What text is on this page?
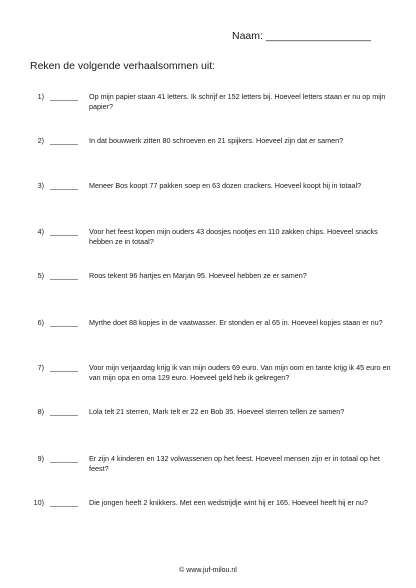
Naam: __________________
Reken de volgende verhaalsommen uit:
1) _______ Op mijn papier staan 41 letters. Ik schrijf er 152 letters bij. Hoeveel letters staan er nu op mijn papier?
2) _______ In dat bouwwerk zitten 80 schroeven en 21 spijkers. Hoeveel zijn dat er samen?
3) _______ Meneer Bos koopt 77 pakken soep en 63 dozen crackers. Hoeveel koopt hij in totaal?
4) _______ Voor het feest kopen mijn ouders 43 doosjes nootjes en 110 zakken chips. Hoeveel snacks hebben ze in totaal?
5) _______ Roos tekent 96 hartjes en Marjan 95. Hoeveel hebben ze er samen?
6) _______ Myrthe doet 88 kopjes in de vaatwasser. Er stonden er al 65 in. Hoeveel kopjes staan er nu?
7) _______ Voor mijn verjaardag krijg ik van mijn ouders 69 euro. Van mijn oom en tante krijg ik 45 euro en van mijn opa en oma 129 euro. Hoeveel geld heb ik gekregen?
8) _______ Lola telt 21 sterren, Mark telt er 22 en Bob 35. Hoeveel sterren tellen ze samen?
9) _______ Er zijn 4 kinderen en 132 volwassenen op het feest. Hoeveel mensen zijn er in totaal op het feest?
10) _______ Die jongen heeft 2 knikkers. Met een wedstrijdje wint hij er 165. Hoeveel heeft hij er nu?
© www.juf-milou.nl
